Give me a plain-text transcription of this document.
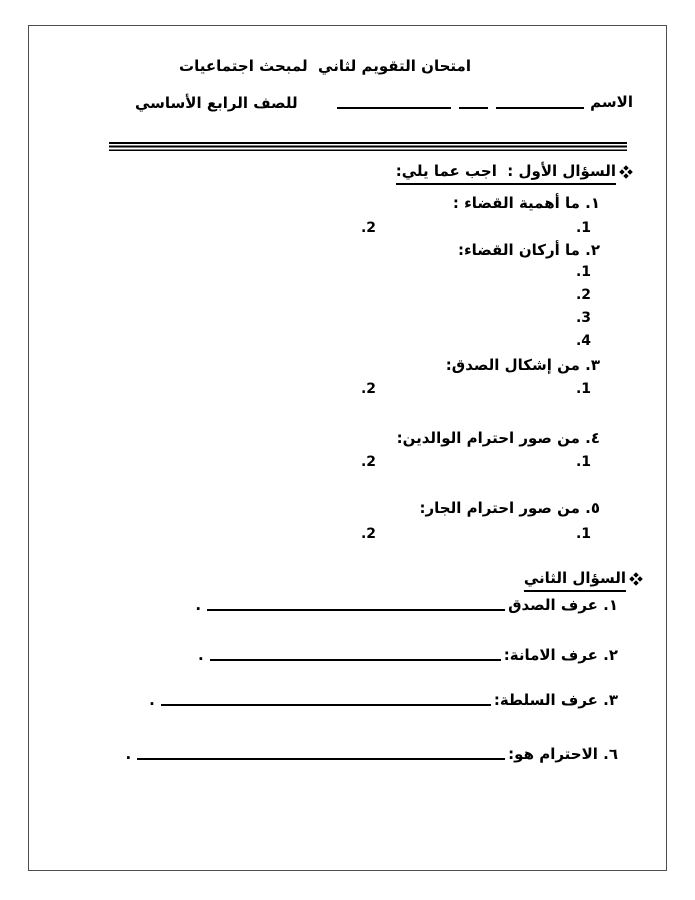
امتحان التقويم لثاني  لمبحث اجتماعيات
الاسم
للصف الرابع الأساسي
السؤال الأول :  اجب عما يلي:
١. ما أهمية القضاء :
.1
.2
٢. ما أركان القضاء:
.1
.2
.3
.4
٣. من إشكال الصدق:
.1
.2
٤. من صور احترام الوالدين:
.1
.2
٥. من صور احترام الجار:
.1
.2
السؤال الثاني
١. عرف الصدق
.
٢. عرف الامانة:
.
٣. عرف السلطة:
.
٦. الاحترام هو:
.
